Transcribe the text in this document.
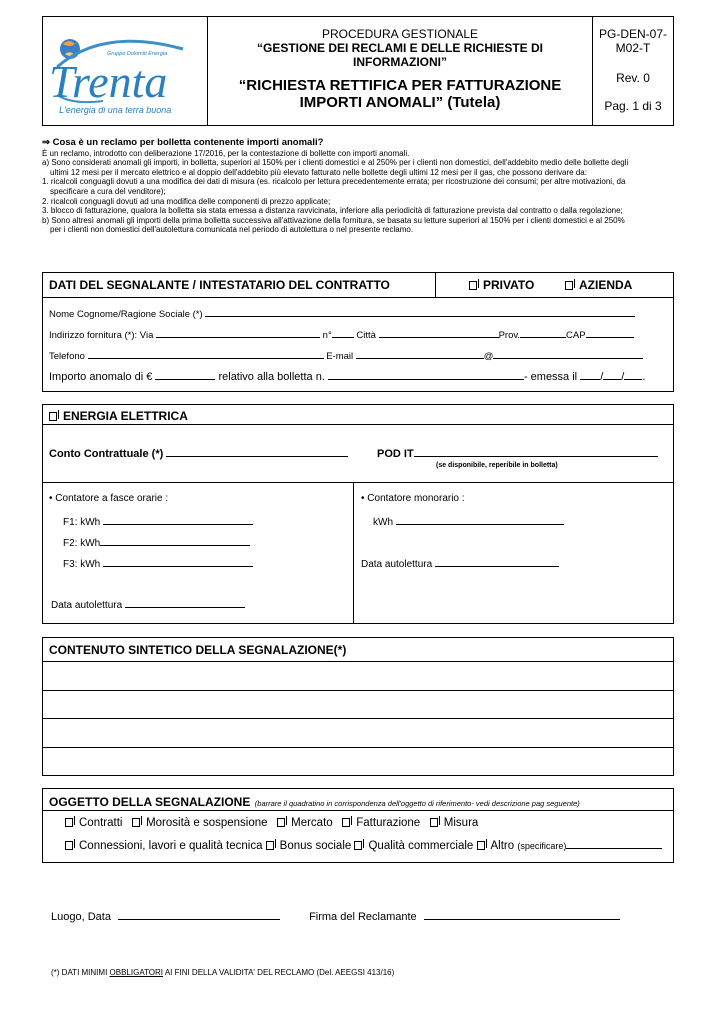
Trenta
Gruppo Dolomiti Energia
L'energia di una terra buona
PROCEDURA GESTIONALE
“GESTIONE DEI RECLAMI E DELLE RICHIESTE DI INFORMAZIONI”
“RICHIESTA RETTIFICA PER FATTURAZIONE
IMPORTI ANOMALI” (Tutela)
PG-DEN-07-M02-T
Rev. 0
Pag. 1 di 3
⇒ Cosa è un reclamo per bolletta contenente importi anomali?
È un reclamo, introdotto con deliberazione 17/2016, per la contestazione di bollette con importi anomali.
a) Sono considerati anomali gli importi, in bolletta, superiori al 150% per i clienti domestici e al 250% per i clienti non domestici, dell'addebito medio delle bollette degli
ultimi 12 mesi per il mercato elettrico e al doppio dell'addebito più elevato fatturato nelle bollette degli ultimi 12 mesi per il gas, che possono derivare da:
1. ricalcoli conguagli dovuti a una modifica dei dati di misura (es. ricalcolo per lettura precedentemente errata; per ricostruzione dei consumi; per altre motivazioni, da
specificare a cura del venditore);
2. ricalcoli conguagli dovuti ad una modifica delle componenti di prezzo applicate;
3. blocco di fatturazione, qualora la bolletta sia stata emessa a distanza ravvicinata, inferiore alla periodicità di fatturazione prevista dal contratto o dalla regolazione;
b) Sono altresì anomali gli importi della prima bolletta successiva all'attivazione della fornitura, se basata su letture superiori al 150% per i clienti domestici e al 250%
per i clienti non domestici dell'autolettura comunicata nel periodo di autolettura o nel presente reclamo.
DATI DEL SEGNALANTE / INTESTATARIO DEL CONTRATTO	PRIVATO	AZIENDA
Nome Cognome/Ragione Sociale (*)
Indirizzo fornitura (*): Via	n°	Città	Prov.	CAP
Telefono	E-mail	@
Importo anomalo di €	relativo alla bolletta n.	- emessa il / / .
ENERGIA ELETTRICA
Conto Contrattuale (*)	POD IT
(se disponibile, reperibile in bolletta)
• Contatore a fasce orarie :
F1: kWh
F2: kWh
F3: kWh
Data autolettura
• Contatore monorario :
kWh
Data autolettura
CONTENUTO SINTETICO DELLA SEGNALAZIONE(*)
OGGETTO DELLA SEGNALAZIONE (barrare il quadratino in corrispondenza dell'oggetto di riferimento- vedi descrizione pag seguente)
Contratti Morosità e sospensione Mercato Fatturazione Misura
Connessioni, lavori e qualità tecnica Bonus sociale Qualità commerciale Altro (specificare)
Luogo, Data	Firma del Reclamante
(*) DATI MINIMI OBBLIGATORI AI FINI DELLA VALIDITA' DEL RECLAMO (Del. AEEGSI 413/16)
